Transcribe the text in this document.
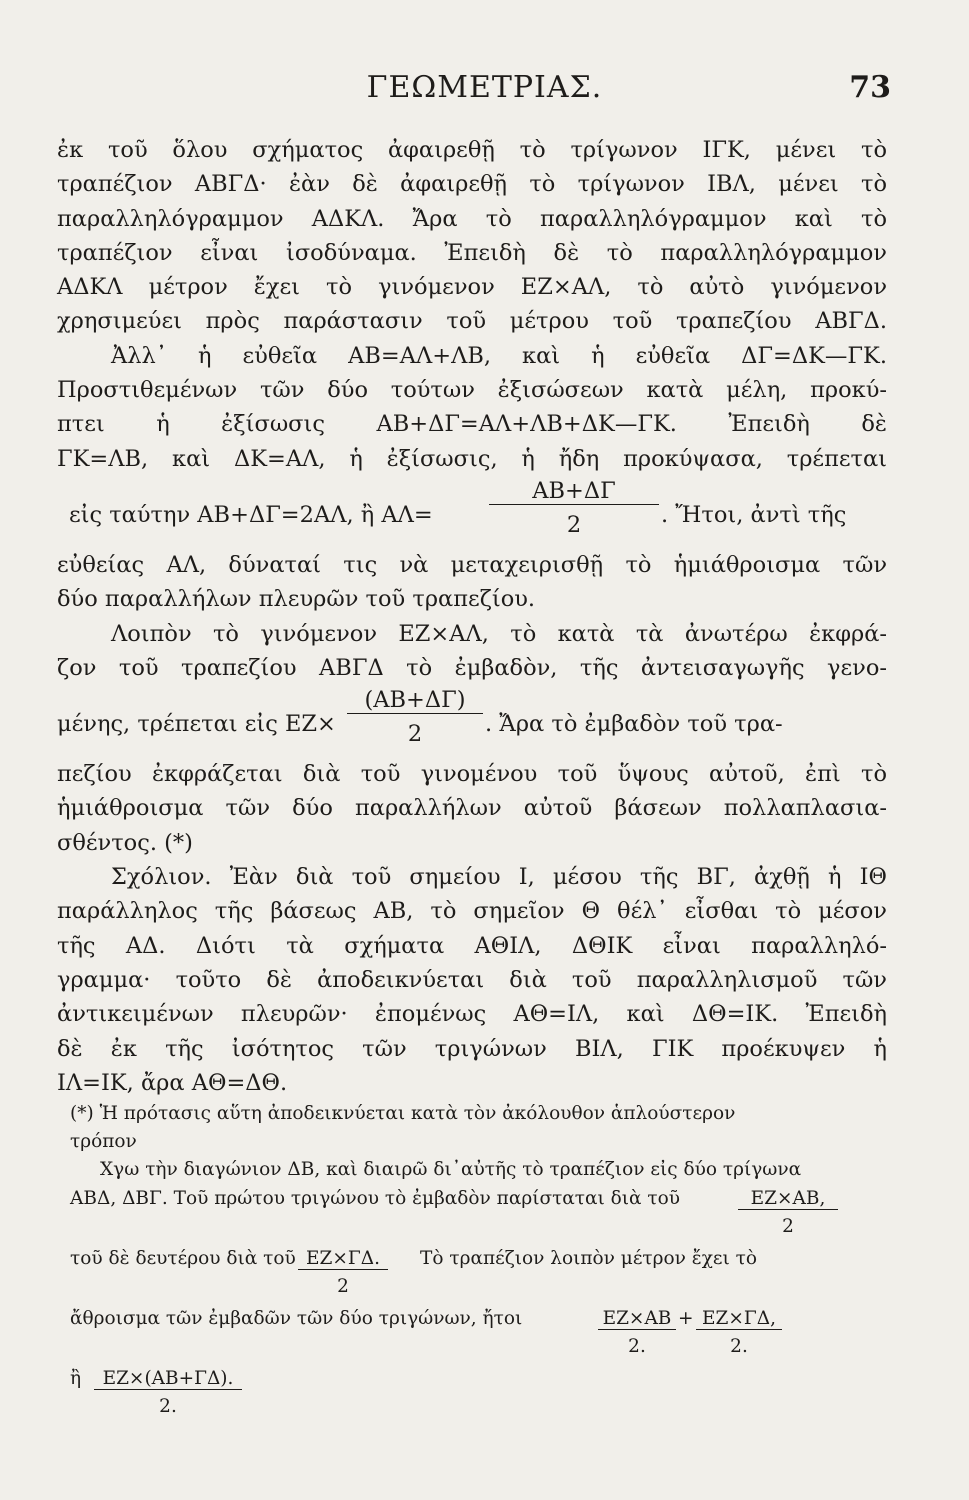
ΓΕΩΜΕΤΡΙΑΣ.	73
ἐκ τοῦ ὅλου σχήματος ἀφαιρεθῇ τὸ τρίγωνον ΙΓΚ, μένει τὸ
τραπέζιον ΑΒΓΔ· ἐὰν δὲ ἀφαιρεθῇ τὸ τρίγωνον ΙΒΛ, μένει τὸ
παραλληλόγραμμον ΑΔΚΛ. Ἄρα τὸ παραλληλόγραμμον καὶ τὸ
τραπέζιον εἶναι ἰσοδύναμα. Ἐπειδὴ δὲ τὸ παραλληλόγραμμον
ΑΔΚΛ μέτρον ἔχει τὸ γινόμενον ΕΖ⨯ΑΛ, τὸ αὐτὸ γινόμενον
χρησιμεύει πρὸς παράστασιν τοῦ μέτρου τοῦ τραπεζίου ΑΒΓΔ.
Ἀλλ᾽ ἡ εὐθεῖα ΑΒ=ΑΛ+ΛΒ, καὶ ἡ εὐθεῖα ΔΓ=ΔΚ—ΓΚ.
Προστιθεμένων τῶν δύο τούτων ἐξισώσεων κατὰ μέλη, προκύ-
πτει ἡ ἐξίσωσις ΑΒ+ΔΓ=ΑΛ+ΛΒ+ΔΚ—ΓΚ. Ἐπειδὴ δὲ
ΓΚ=ΛΒ, καὶ ΔΚ=ΑΛ, ἡ ἐξίσωσις, ἡ ἤδη προκύψασα, τρέπεται
εἰς ταύτην ΑΒ+ΔΓ=2ΑΛ, ἢ ΑΛ=
ΑΒ+ΔΓ
2	. Ἤτοι, ἀντὶ τῆς
εὐθείας ΑΛ, δύναταί τις νὰ μεταχειρισθῇ τὸ ἡμιάθροισμα τῶν
δύο παραλλήλων πλευρῶν τοῦ τραπεζίου.
Λοιπὸν τὸ γινόμενον ΕΖ⨯ΑΛ, τὸ κατὰ τὰ ἀνωτέρω ἐκφρά-
ζον τοῦ τραπεζίου ΑΒΓΔ τὸ ἐμβαδὸν, τῆς ἀντεισαγωγῆς γενο-
μένης, τρέπεται εἰς ΕΖ⨯
(ΑΒ+ΔΓ)
2	. Ἄρα τὸ ἐμβαδὸν τοῦ τρα-
πεζίου ἐκφράζεται διὰ τοῦ γινομένου τοῦ ὕψους αὐτοῦ, ἐπὶ τὸ
ἡμιάθροισμα τῶν δύο παραλλήλων αὐτοῦ βάσεων πολλαπλασια-
σθέντος. (*)
Σχόλιον. Ἐὰν διὰ τοῦ σημείου Ι, μέσου τῆς ΒΓ, ἀχθῇ ἡ ΙΘ
παράλληλος τῆς βάσεως ΑΒ, τὸ σημεῖον Θ θέλ᾽ εἶσθαι τὸ μέσον
τῆς ΑΔ. Διότι τὰ σχήματα ΑΘΙΛ, ΔΘΙΚ εἶναι παραλληλό-
γραμμα· τοῦτο δὲ ἀποδεικνύεται διὰ τοῦ παραλληλισμοῦ τῶν
ἀντικειμένων πλευρῶν· ἐπομένως ΑΘ=ΙΛ, καὶ ΔΘ=ΙΚ. Ἐπειδὴ
δὲ ἐκ τῆς ἰσότητος τῶν τριγώνων ΒΙΛ, ΓΙΚ προέκυψεν ἡ
ΙΛ=ΙΚ, ἄρα ΑΘ=ΔΘ.
(*) Ἡ πρότασις αὕτη ἀποδεικνύεται κατὰ τὸν ἀκόλουθον ἁπλούστερον
τρόπον
Χγω τὴν διαγώνιον ΔΒ, καὶ διαιρῶ δι᾽αὐτῆς τὸ τραπέζιον εἰς δύο τρίγωνα
ΑΒΔ, ΔΒΓ. Τοῦ πρώτου τριγώνου τὸ ἐμβαδὸν παρίσταται διὰ τοῦ	ΕΖ⨯ΑΒ,
2
τοῦ δὲ δευτέρου διὰ τοῦ ΕΖ⨯ΓΔ.
2
Τὸ τραπέζιον λοιπὸν μέτρον ἔχει τὸ
ἄθροισμα τῶν ἐμβαδῶν τῶν δύο τριγώνων, ἤτοι	ΕΖ⨯ΑΒ
2.
+ ΕΖ⨯ΓΔ,
2.
ἢ	ΕΖ⨯(ΑΒ+ΓΔ).
2.
